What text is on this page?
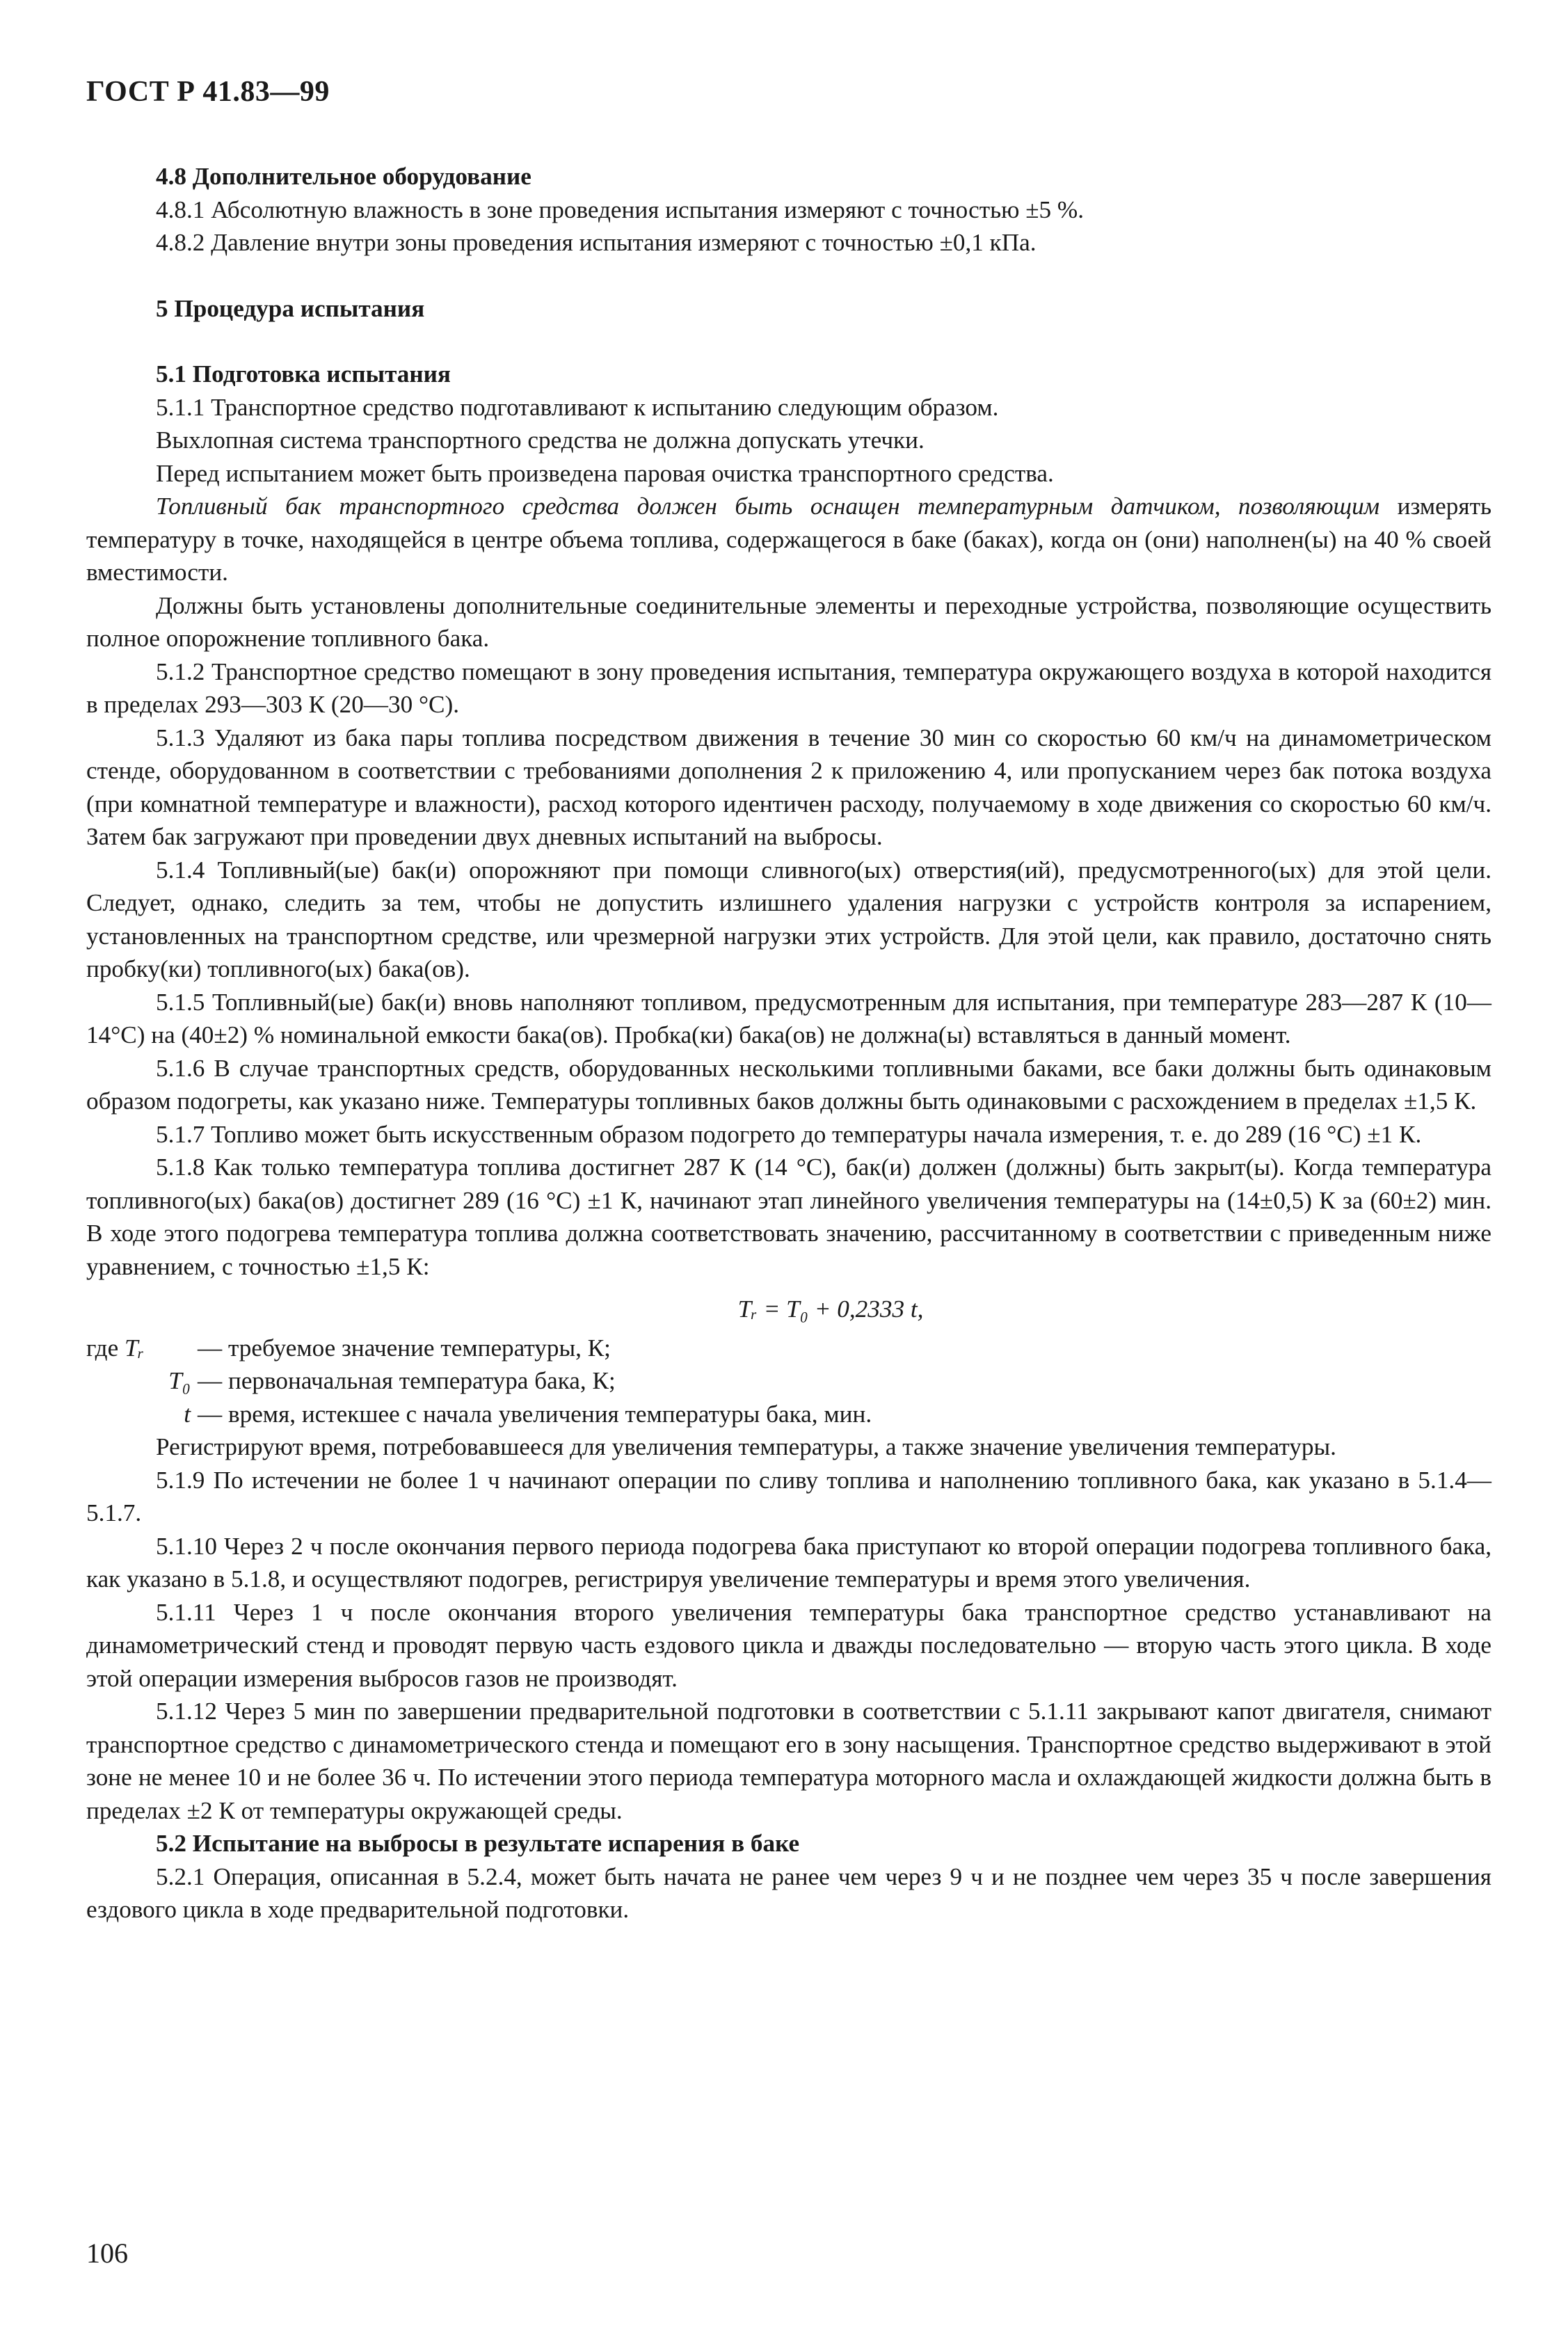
ГОСТ Р 41.83—99

4.8 Дополнительное оборудование

4.8.1 Абсолютную влажность в зоне проведения испытания измеряют с точностью ±5 %.

4.8.2 Давление внутри зоны проведения испытания измеряют с точностью ±0,1 кПа.

5 Процедура испытания

5.1 Подготовка испытания

5.1.1 Транспортное средство подготавливают к испытанию следующим образом.

Выхлопная система транспортного средства не должна допускать утечки.

Перед испытанием может быть произведена паровая очистка транспортного средства.

Топливный бак транспортного средства должен быть оснащен температурным датчиком, позволяющим измерять температуру в точке, находящейся в центре объема топлива, содержащегося в баке (баках), когда он (они) наполнен(ы) на 40 % своей вместимости.

Должны быть установлены дополнительные соединительные элементы и переходные устройства, позволяющие осуществить полное опорожнение топливного бака.

5.1.2 Транспортное средство помещают в зону проведения испытания, температура окружающего воздуха в которой находится в пределах 293—303 К (20—30 °C).

5.1.3 Удаляют из бака пары топлива посредством движения в течение 30 мин со скоростью 60 км/ч на динамометрическом стенде, оборудованном в соответствии с требованиями дополнения 2 к приложению 4, или пропусканием через бак потока воздуха (при комнатной температуре и влажности), расход которого идентичен расходу, получаемому в ходе движения со скоростью 60 км/ч. Затем бак загружают при проведении двух дневных испытаний на выбросы.

5.1.4 Топливный(ые) бак(и) опорожняют при помощи сливного(ых) отверстия(ий), предусмотренного(ых) для этой цели. Следует, однако, следить за тем, чтобы не допустить излишнего удаления нагрузки с устройств контроля за испарением, установленных на транспортном средстве, или чрезмерной нагрузки этих устройств. Для этой цели, как правило, достаточно снять пробку(ки) топливного(ых) бака(ов).

5.1.5 Топливный(ые) бак(и) вновь наполняют топливом, предусмотренным для испытания, при температуре 283—287 К (10—14°C) на (40±2) % номинальной емкости бака(ов). Пробка(ки) бака(ов) не должна(ы) вставляться в данный момент.

5.1.6 В случае транспортных средств, оборудованных несколькими топливными баками, все баки должны быть одинаковым образом подогреты, как указано ниже. Температуры топливных баков должны быть одинаковыми с расхождением в пределах ±1,5 К.

5.1.7 Топливо может быть искусственным образом подогрето до температуры начала измерения, т. е. до 289 (16 °C) ±1 К.

5.1.8 Как только температура топлива достигнет 287 К (14 °C), бак(и) должен (должны) быть закрыт(ы). Когда температура топливного(ых) бака(ов) достигнет 289 (16 °C) ±1 К, начинают этап линейного увеличения температуры на (14±0,5) К за (60±2) мин. В ходе этого подогрева температура топлива должна соответствовать значению, рассчитанному в соответствии с приведенным ниже уравнением, с точностью ±1,5 К:

Tᵣ = T₀ + 0,2333 t,

где Tᵣ	— требуемое значение температуры, К;
T₀ — первоначальная температура бака, К;
t — время, истекшее с начала увеличения температуры бака, мин.

Регистрируют время, потребовавшееся для увеличения температуры, а также значение увеличения температуры.

5.1.9 По истечении не более 1 ч начинают операции по сливу топлива и наполнению топливного бака, как указано в 5.1.4—5.1.7.

5.1.10 Через 2 ч после окончания первого периода подогрева бака приступают ко второй операции подогрева топливного бака, как указано в 5.1.8, и осуществляют подогрев, регистрируя увеличение температуры и время этого увеличения.

5.1.11 Через 1 ч после окончания второго увеличения температуры бака транспортное средство устанавливают на динамометрический стенд и проводят первую часть ездового цикла и дважды последовательно — вторую часть этого цикла. В ходе этой операции измерения выбросов газов не производят.

5.1.12 Через 5 мин по завершении предварительной подготовки в соответствии с 5.1.11 закрывают капот двигателя, снимают транспортное средство с динамометрического стенда и помещают его в зону насыщения. Транспортное средство выдерживают в этой зоне не менее 10 и не более 36 ч. По истечении этого периода температура моторного масла и охлаждающей жидкости должна быть в пределах ±2 К от температуры окружающей среды.

5.2 Испытание на выбросы в результате испарения в баке

5.2.1 Операция, описанная в 5.2.4, может быть начата не ранее чем через 9 ч и не позднее чем через 35 ч после завершения ездового цикла в ходе предварительной подготовки.

106
